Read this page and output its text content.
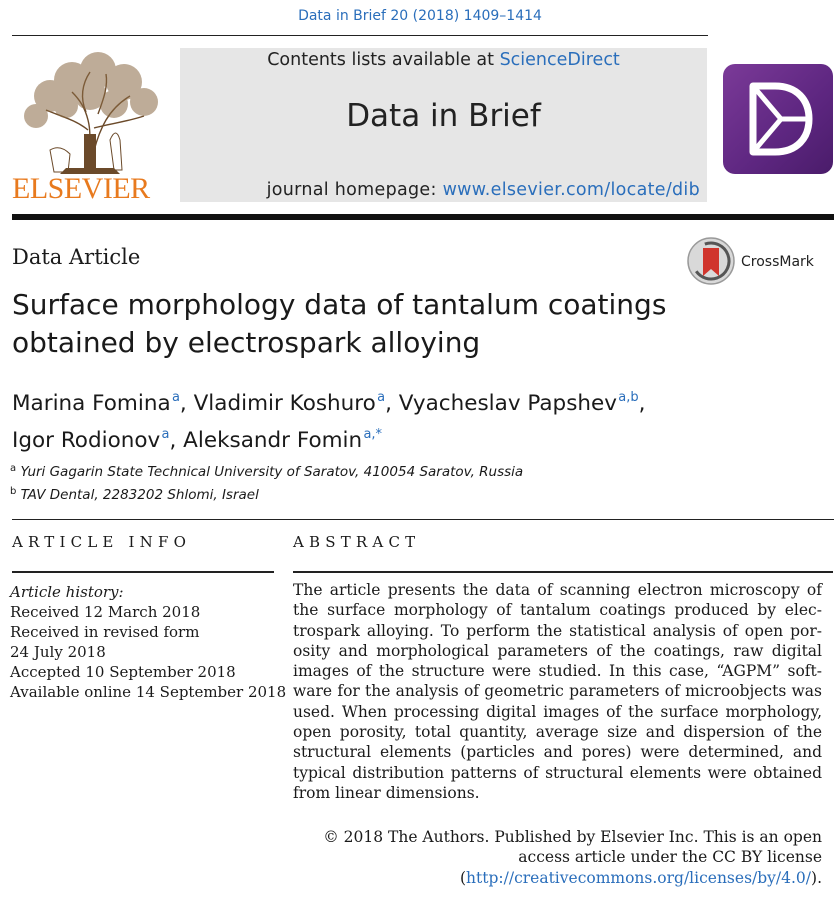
Data in Brief 20 (2018) 1409–1414
ELSEVIER
Contents lists available at ScienceDirect
Data in Brief
journal homepage: www.elsevier.com/locate/dib
Data Article	CrossMark
Surface morphology data of tantalum coatings
obtained by electrospark alloying
Marina Fomina $^a$, Vladimir Koshuro $^a$, Vyacheslav Papshev $^{a,b}$,
Igor Rodionov $^a$, Aleksandr Fomin $^{a,*}$
$^a$ Yuri Gagarin State Technical University of Saratov, 410054 Saratov, Russia
$^b$ TAV Dental, 2283202 Shlomi, Israel
ARTICLE INFO	ABSTRACT
Article history:
Received 12 March 2018
Received in revised form
24 July 2018
Accepted 10 September 2018
Available online 14 September 2018
The article presents the data of scanning electron microscopy of the surface morphology of tantalum coatings produced by electrospark alloying. To perform the statistical analysis of open porosity and morphological parameters of the coatings, raw digital images of the structure were studied. In this case, “AGPM” software for the analysis of geometric parameters of microobjects was used. When processing digital images of the surface morphology, open porosity, total quantity, average size and dispersion of the structural elements (particles and pores) were determined, and typical distribution patterns of structural elements were obtained from linear dimensions.
© 2018 The Authors. Published by Elsevier Inc. This is an open
access article under the CC BY license
(http://creativecommons.org/licenses/by/4.0/).
